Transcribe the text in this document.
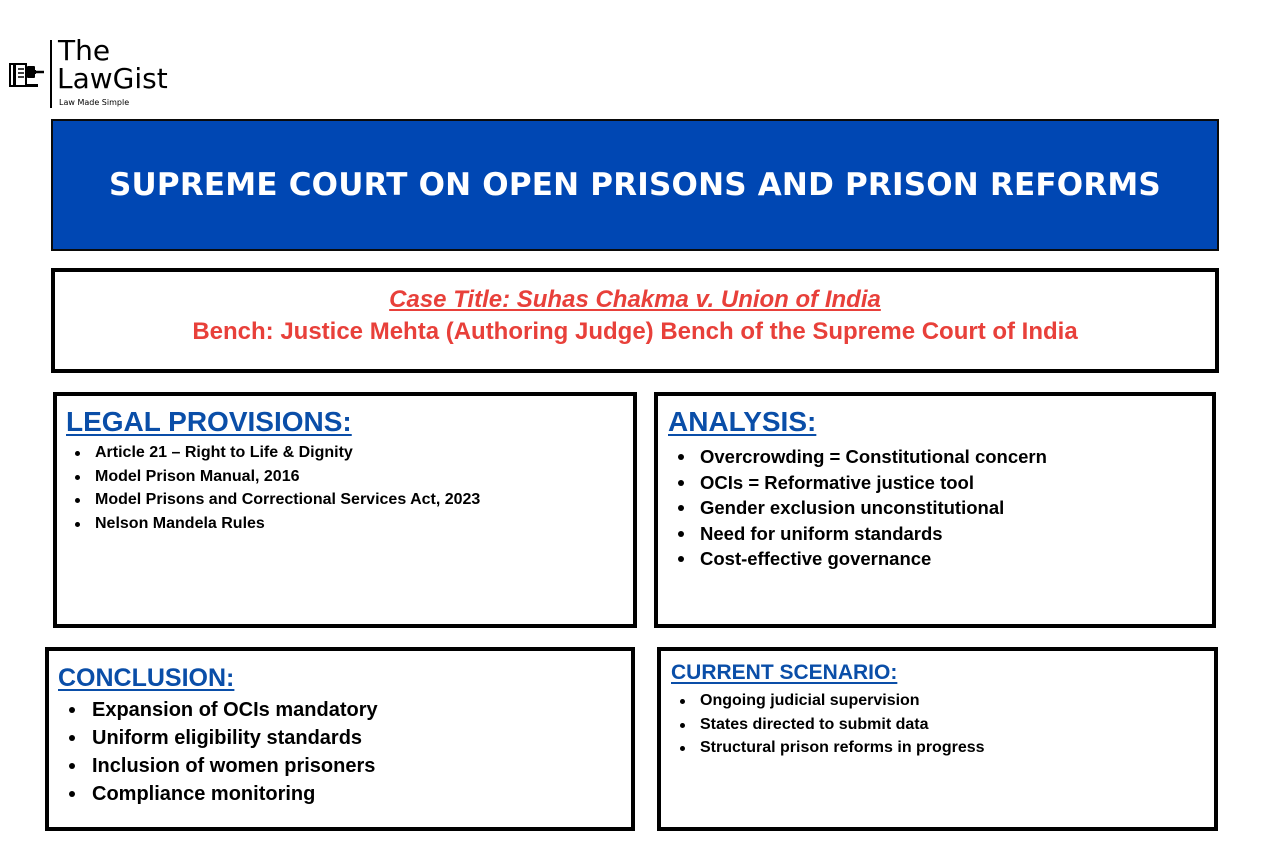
The
LawGist
Law Made Simple
SUPREME COURT ON OPEN PRISONS AND PRISON REFORMS
Case Title: Suhas Chakma v. Union of India
Bench: Justice Mehta (Authoring Judge) Bench of the Supreme Court of India
LEGAL PROVISIONS:
Article 21 – Right to Life & Dignity
Model Prison Manual, 2016
Model Prisons and Correctional Services Act, 2023
Nelson Mandela Rules
ANALYSIS:
Overcrowding = Constitutional concern
OCIs = Reformative justice tool
Gender exclusion unconstitutional
Need for uniform standards
Cost-effective governance
CONCLUSION:
Expansion of OCIs mandatory
Uniform eligibility standards
Inclusion of women prisoners
Compliance monitoring
CURRENT SCENARIO:
Ongoing judicial supervision
States directed to submit data
Structural prison reforms in progress
